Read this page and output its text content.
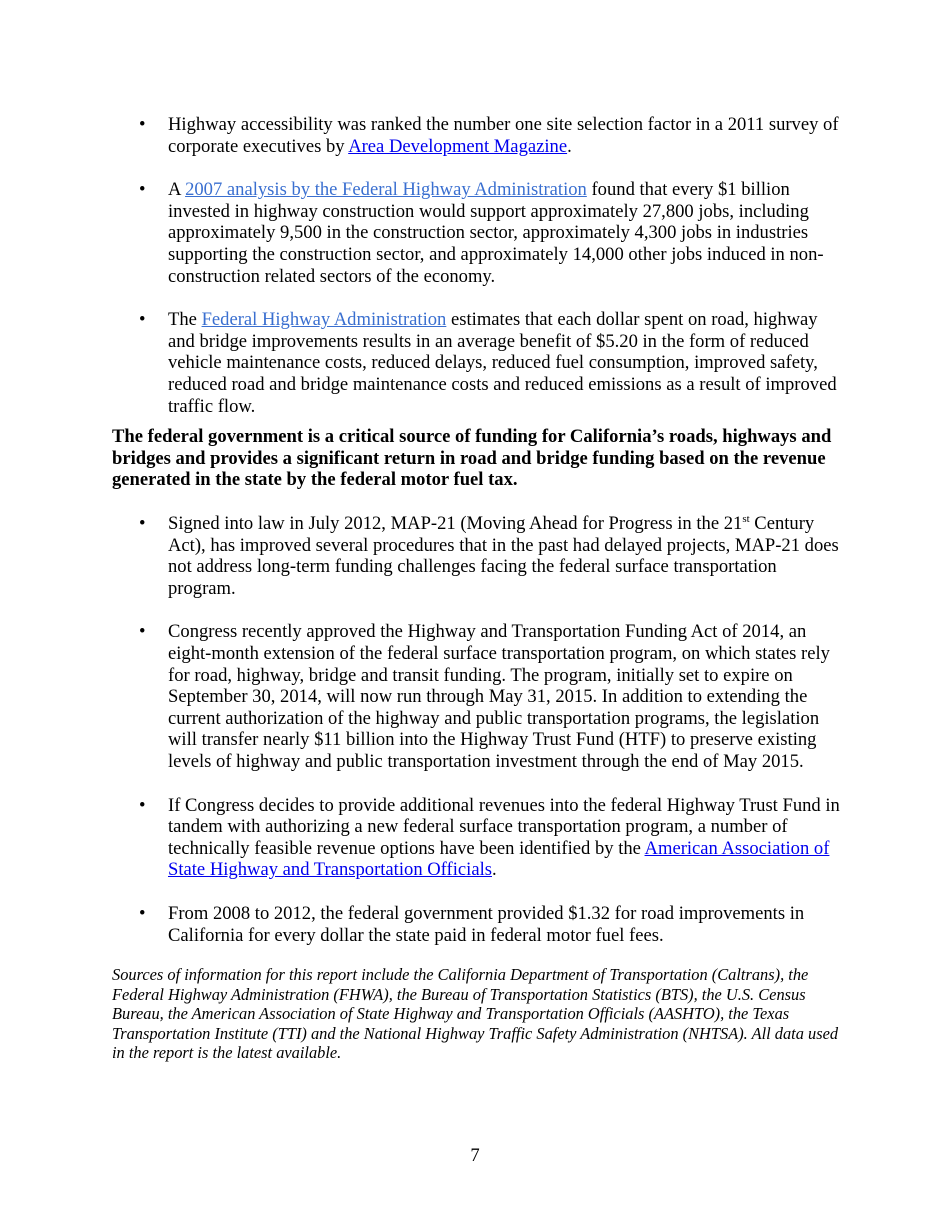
• Highway accessibility was ranked the number one site selection factor in a 2011 survey of corporate executives by Area Development Magazine.
• A 2007 analysis by the Federal Highway Administration found that every $1 billion invested in highway construction would support approximately 27,800 jobs, including approximately 9,500 in the construction sector, approximately 4,300 jobs in industries supporting the construction sector, and approximately 14,000 other jobs induced in non-construction related sectors of the economy.
• The Federal Highway Administration estimates that each dollar spent on road, highway and bridge improvements results in an average benefit of $5.20 in the form of reduced vehicle maintenance costs, reduced delays, reduced fuel consumption, improved safety, reduced road and bridge maintenance costs and reduced emissions as a result of improved traffic flow.
The federal government is a critical source of funding for California’s roads, highways and bridges and provides a significant return in road and bridge funding based on the revenue generated in the state by the federal motor fuel tax.
• Signed into law in July 2012, MAP-21 (Moving Ahead for Progress in the 21st Century Act), has improved several procedures that in the past had delayed projects, MAP-21 does not address long-term funding challenges facing the federal surface transportation program.
• Congress recently approved the Highway and Transportation Funding Act of 2014, an eight-month extension of the federal surface transportation program, on which states rely for road, highway, bridge and transit funding. The program, initially set to expire on September 30, 2014, will now run through May 31, 2015. In addition to extending the current authorization of the highway and public transportation programs, the legislation will transfer nearly $11 billion into the Highway Trust Fund (HTF) to preserve existing levels of highway and public transportation investment through the end of May 2015.
• If Congress decides to provide additional revenues into the federal Highway Trust Fund in tandem with authorizing a new federal surface transportation program, a number of technically feasible revenue options have been identified by the American Association of State Highway and Transportation Officials.
• From 2008 to 2012, the federal government provided $1.32 for road improvements in California for every dollar the state paid in federal motor fuel fees.
Sources of information for this report include the California Department of Transportation (Caltrans), the Federal Highway Administration (FHWA), the Bureau of Transportation Statistics (BTS), the U.S. Census Bureau, the American Association of State Highway and Transportation Officials (AASHTO), the Texas Transportation Institute (TTI) and the National Highway Traffic Safety Administration (NHTSA). All data used in the report is the latest available.
7
